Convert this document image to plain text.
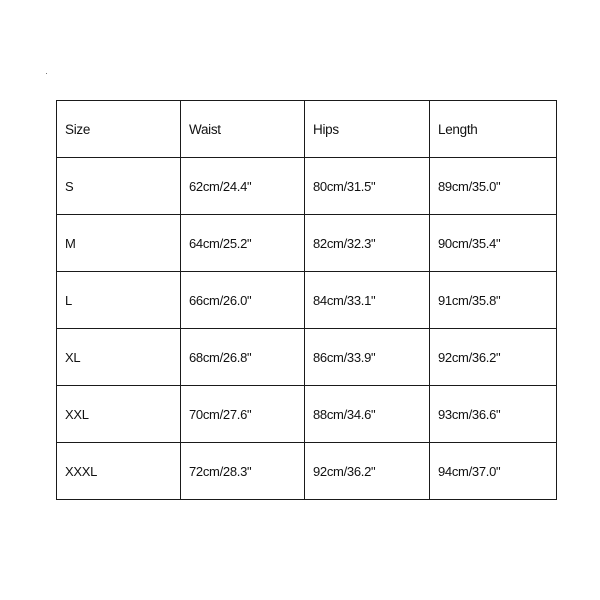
Size	Waist	Hips	Length
S	62cm/24.4"	80cm/31.5"	89cm/35.0"
M	64cm/25.2"	82cm/32.3"	90cm/35.4"
L	66cm/26.0"	84cm/33.1"	91cm/35.8"
XL	68cm/26.8"	86cm/33.9"	92cm/36.2"
XXL	70cm/27.6"	88cm/34.6"	93cm/36.6"
XXXL	72cm/28.3"	92cm/36.2"	94cm/37.0"
